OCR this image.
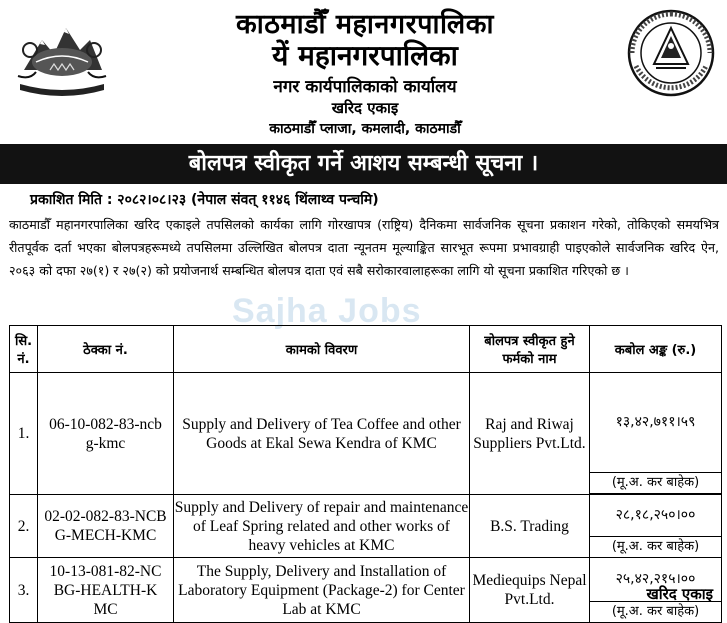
काठमाडौँ महानगरपालिका
यें महानगरपालिका
नगर कार्यपालिकाको कार्यालय
खरिद एकाइ
काठमाडौँ प्लाजा, कमलादी, काठमाडौँ
बोलपत्र स्वीकृत गर्ने आशय सम्बन्धी सूचना ।
प्रकाशित मिति : २०८२।०८।२३ (नेपाल संवत् ११४६ थिंलाथ्व पन्चमि)
काठमाडौँ महानगरपालिका खरिद एकाइले तपसिलको कार्यका लागि गोरखापत्र (राष्ट्रिय) दैनिकमा सार्वजनिक सूचना प्रकाशन गरेको, तोकिएको समयभित्र रीतपूर्वक दर्ता भएका बोलपत्रहरूमध्ये तपसिलमा उल्लिखित बोलपत्र दाता न्यूनतम मूल्याङ्कित सारभूत रूपमा प्रभावग्राही पाइएकोले सार्वजनिक खरिद ऐन, २०६३ को दफा २७(१) र २७(२) को प्रयोजनार्थ सम्बन्धित बोलपत्र दाता एवं सबै सरोकारवालाहरूका लागि यो सूचना प्रकाशित गरिएको छ ।
Sajha Jobs
सि. नं.	ठेक्का नं.	कामको विवरण	बोलपत्र स्वीकृत हुने फर्मको नाम	कबोल अङ्क (रु.)
1.	06-10-082-83-ncbg-kmc	Supply and Delivery of Tea Coffee and other Goods at Ekal Sewa Kendra of KMC	Raj and Riwaj Suppliers Pvt.Ltd.	१३,४२,७११।५९
(मू.अ. कर बाहेक)

2.	02-02-082-83-NCBG-MECH-KMC	Supply and Delivery of repair and maintenance of Leaf Spring related and other works of heavy vehicles at KMC	B.S. Trading	२८,१८,२५०।००
(मू.अ. कर बाहेक)

3.	10-13-081-82-NCBG-HEALTH-KMC	The Supply, Delivery and Installation of Laboratory Equipment (Package-2) for Center Lab at KMC	Mediequips Nepal Pvt.Ltd.	२५,४२,२१५।००
(मू.अ. कर बाहेक)
खरिद एकाइ
